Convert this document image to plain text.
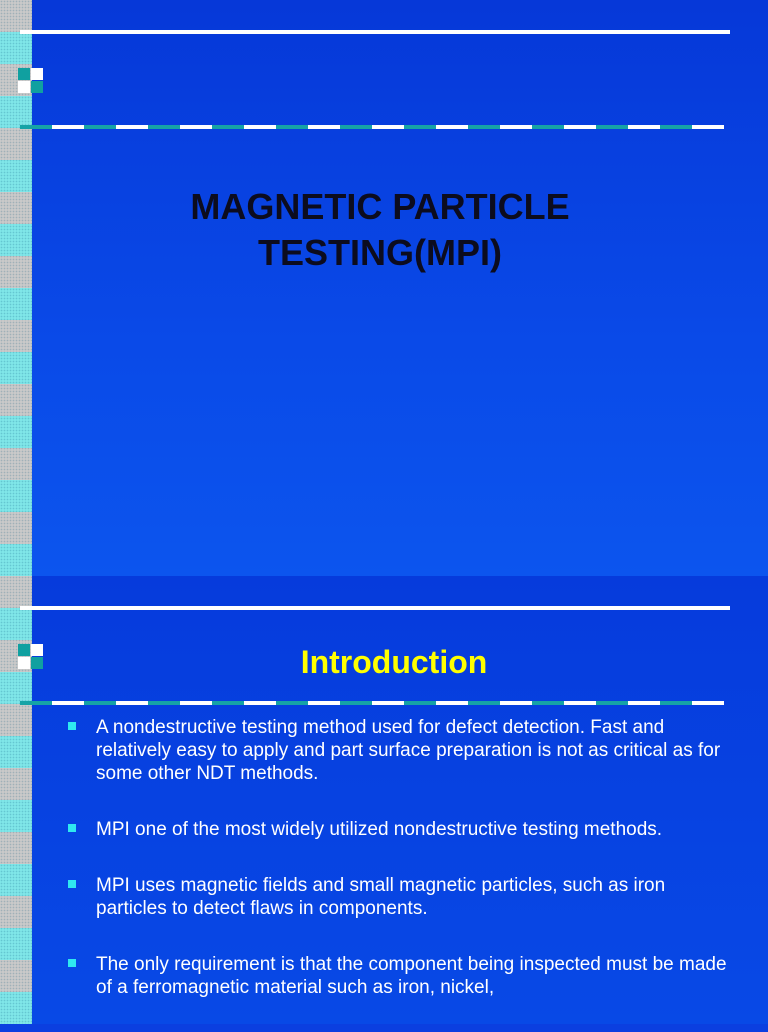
MAGNETIC PARTICLE TESTING(MPI)
Introduction
A nondestructive testing method used for defect detection. Fast and relatively easy to apply and part surface preparation is not as critical as for some other NDT methods.
MPI one of the most widely utilized nondestructive testing methods.
MPI uses magnetic fields and small magnetic particles, such as iron particles to detect flaws in components.
The only requirement is that the component being inspected must be made of a ferromagnetic material such as iron, nickel,
